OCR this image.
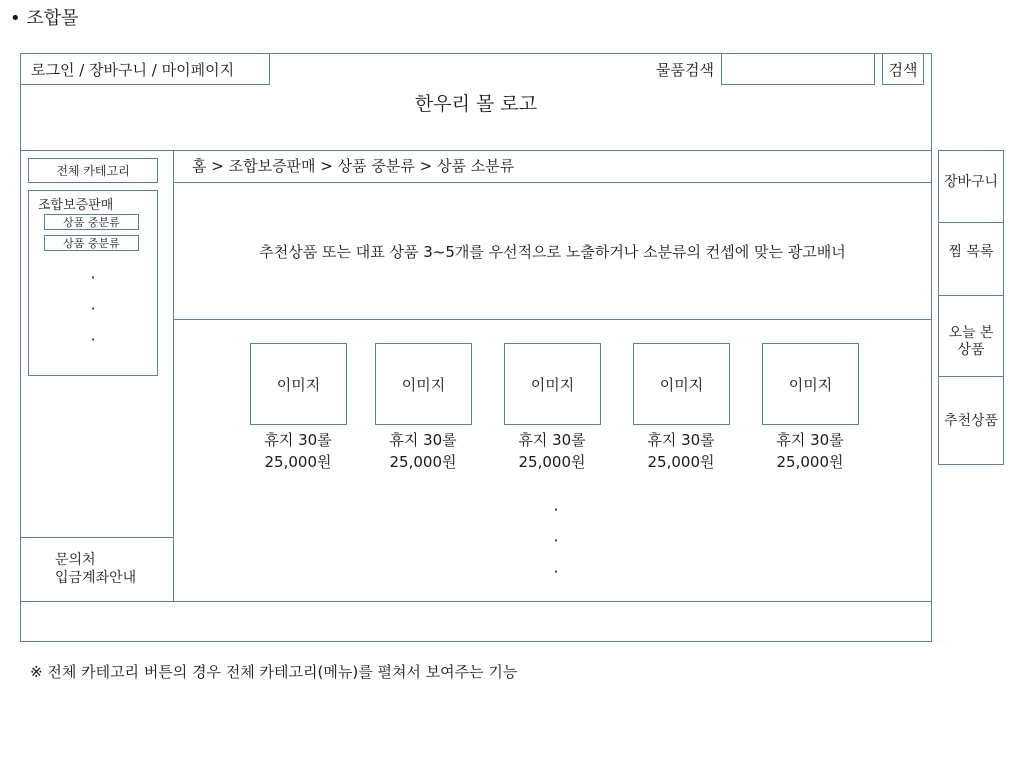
• 조합몰
로그인 / 장바구니 / 마이페이지	물품검색	검색
한우리 몰 로고
홈 > 조합보증판매 > 상품 중분류 > 상품 소분류
추천상품 또는 대표 상품 3~5개를 우선적으로 노출하거나 소분류의 컨셉에 맞는 광고배너
전체 카테고리
조합보증판매
상품 중분류
상품 중분류
·
·
·
문의처
입금계좌안내
이미지	이미지	이미지	이미지	이미지
휴지 30롤	휴지 30롤	휴지 30롤	휴지 30롤	휴지 30롤
25,000원	25,000원	25,000원	25,000원	25,000원
·
·
·
장바구니
찜 목록
오늘 본
상품
추천상품
※ 전체 카테고리 버튼의 경우 전체 카테고리(메뉴)를 펼쳐서 보여주는 기능
